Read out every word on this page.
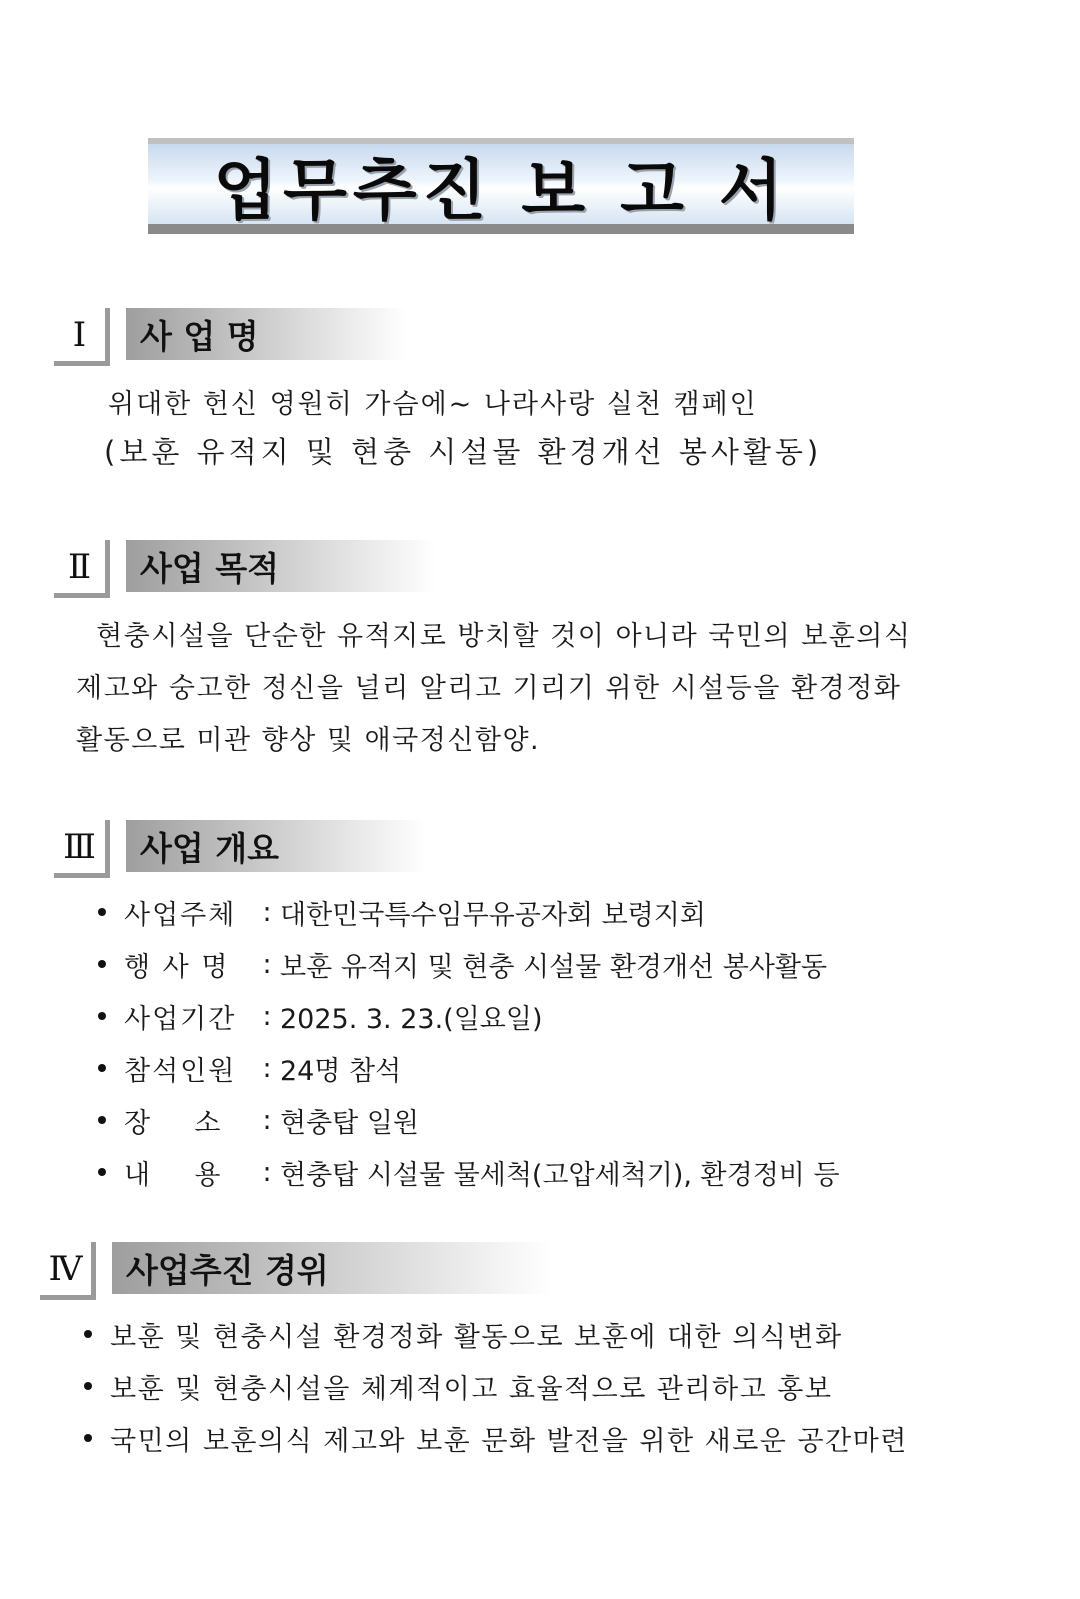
업무추진 보 고 서
Ⅰ	사 업 명
위대한 헌신 영원히 가슴에~ 나라사랑 실천 캠페인
(보훈 유적지 및 현충 시설물 환경개선 봉사활동)
Ⅱ	사업 목적
현충시설을 단순한 유적지로 방치할 것이 아니라 국민의 보훈의식
제고와 숭고한 정신을 널리 알리고 기리기 위한 시설등을 환경정화
활동으로 미관 향상 및 애국정신함양.
Ⅲ	사업 개요
사업주체 : 대한민국특수임무유공자회 보령지회
행 사 명	: 보훈 유적지 및 현충 시설물 환경개선 봉사활동
사업기간 : 2025. 3. 23.(일요일)
참석인원 : 24명 참석
장    소	: 현충탑 일원
내    용	: 현충탑 시설물 물세척(고압세척기), 환경정비 등
Ⅳ	사업추진 경위
보훈 및 현충시설 환경정화 활동으로 보훈에 대한 의식변화
보훈 및 현충시설을 체계적이고 효율적으로 관리하고 홍보
국민의 보훈의식 제고와 보훈 문화 발전을 위한 새로운 공간마련
